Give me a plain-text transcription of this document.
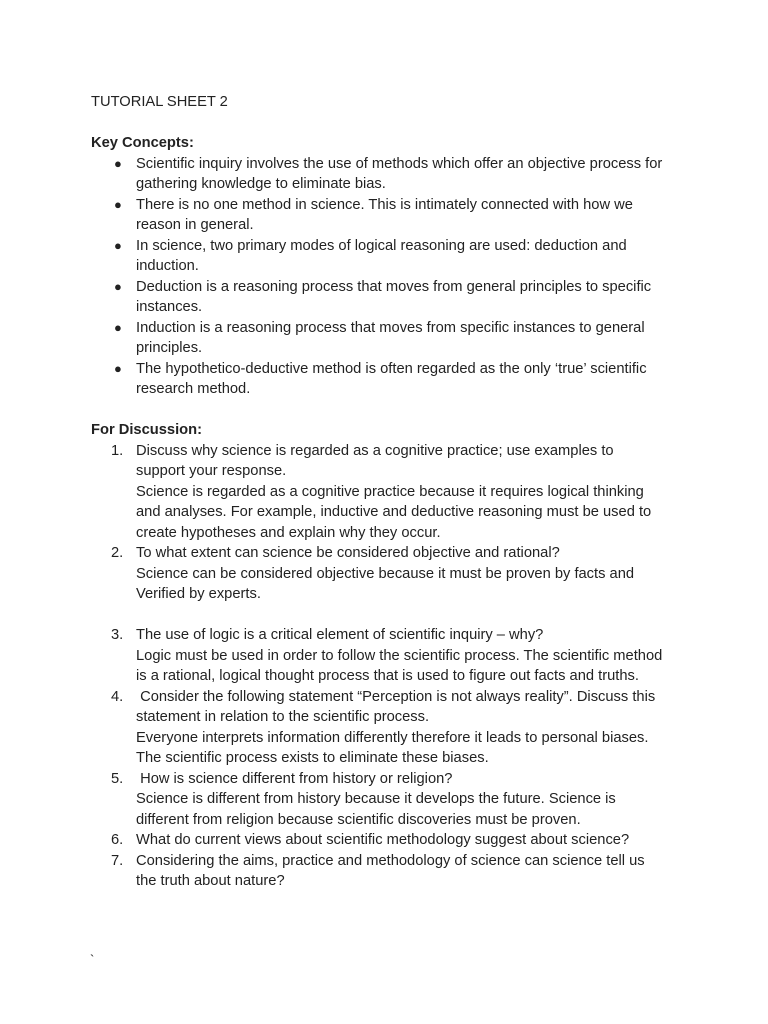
TUTORIAL SHEET 2
Key Concepts:
● Scientific inquiry involves the use of methods which offer an objective process for
gathering knowledge to eliminate bias.
● There is no one method in science. This is intimately connected with how we
reason in general.
● In science, two primary modes of logical reasoning are used: deduction and
induction.
● Deduction is a reasoning process that moves from general principles to specific
instances.
● Induction is a reasoning process that moves from specific instances to general
principles.
● The hypothetico-deductive method is often regarded as the only ‘true’ scientific
research method.
For Discussion:
1. Discuss why science is regarded as a cognitive practice; use examples to
support your response.
Science is regarded as a cognitive practice because it requires logical thinking
and analyses. For example, inductive and deductive reasoning must be used to
create hypotheses and explain why they occur.
2. To what extent can science be considered objective and rational?
Science can be considered objective because it must be proven by facts and
Verified by experts.
3. The use of logic is a critical element of scientific inquiry – why?
Logic must be used in order to follow the scientific process. The scientific method
is a rational, logical thought process that is used to figure out facts and truths.
4. Consider the following statement “Perception is not always reality”. Discuss this
statement in relation to the scientific process.
Everyone interprets information differently therefore it leads to personal biases.
The scientific process exists to eliminate these biases.
5. How is science different from history or religion?
Science is different from history because it develops the future. Science is
different from religion because scientific discoveries must be proven.
6. What do current views about scientific methodology suggest about science?
7. Considering the aims, practice and methodology of science can science tell us
the truth about nature?
`
